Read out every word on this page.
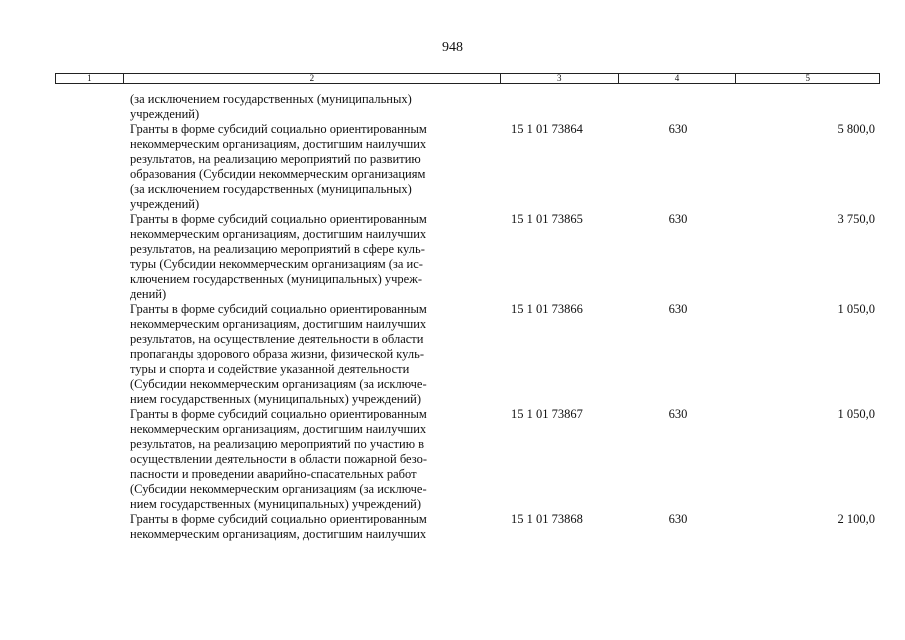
948
1	2	3	4	5
(за исключением государственных (муниципальных)
учреждений)
Гранты в форме субсидий социально ориентированным
некоммерческим организациям, достигшим наилучших
результатов, на реализацию мероприятий по развитию
образования (Субсидии некоммерческим организациям
(за исключением государственных (муниципальных)
учреждений)
15 1 01 73864	630	5 800,0
Гранты в форме субсидий социально ориентированным
некоммерческим организациям, достигшим наилучших
результатов, на реализацию мероприятий в сфере куль-
туры (Субсидии некоммерческим организациям (за ис-
ключением государственных (муниципальных) учреж-
дений)
15 1 01 73865	630	3 750,0
Гранты в форме субсидий социально ориентированным
некоммерческим организациям, достигшим наилучших
результатов, на осуществление деятельности в области
пропаганды здорового образа жизни, физической куль-
туры и спорта и содействие указанной деятельности
(Субсидии некоммерческим организациям (за исключе-
нием государственных (муниципальных) учреждений)
15 1 01 73866	630	1 050,0
Гранты в форме субсидий социально ориентированным
некоммерческим организациям, достигшим наилучших
результатов, на реализацию мероприятий по участию в
осуществлении деятельности в области пожарной безо-
пасности и проведении аварийно-спасательных работ
(Субсидии некоммерческим организациям (за исключе-
нием государственных (муниципальных) учреждений)
15 1 01 73867	630	1 050,0
Гранты в форме субсидий социально ориентированным
некоммерческим организациям, достигшим наилучших
15 1 01 73868	630	2 100,0
